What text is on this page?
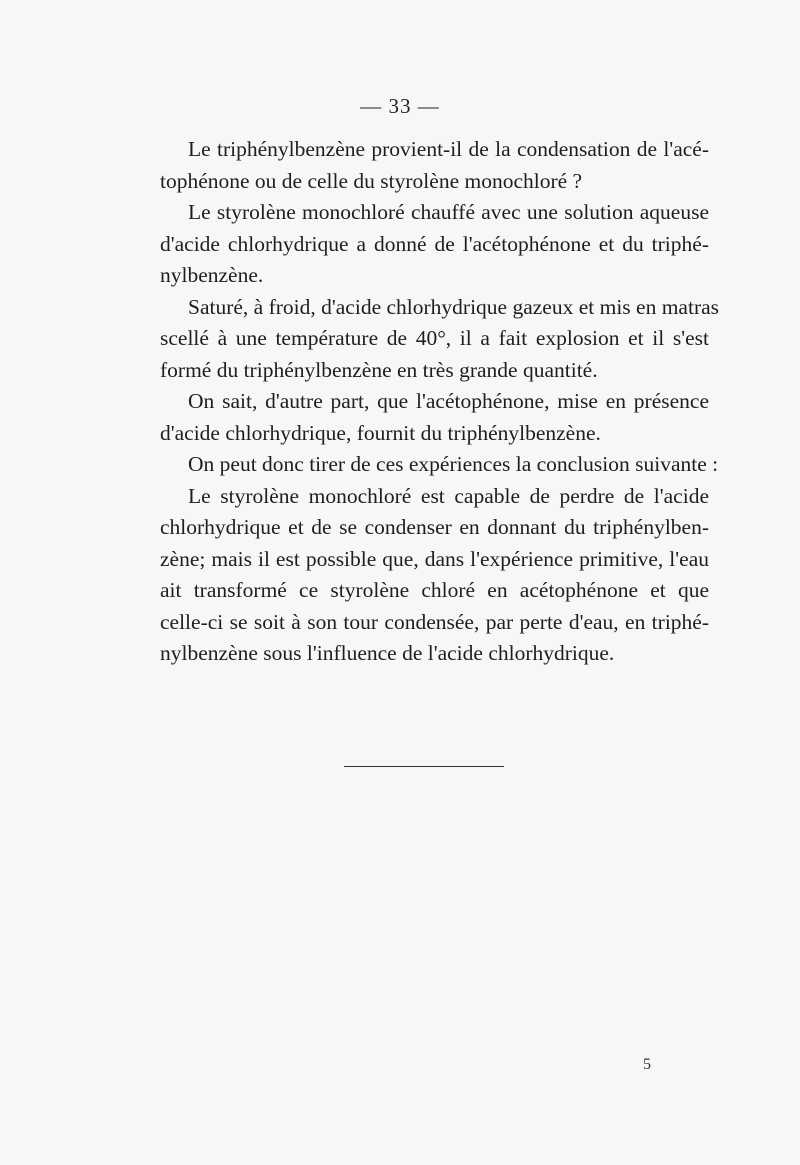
— 33 —

Le triphénylbenzène provient-il de la condensation de l'acé-
tophénone ou de celle du styrolène monochloré ?

Le styrolène monochloré chauffé avec une solution aqueuse
d'acide chlorhydrique a donné de l'acétophénone et du triphé-
nylbenzène.

Saturé, à froid, d'acide chlorhydrique gazeux et mis en matras
scellé à une température de 40°, il a fait explosion et il s'est
formé du triphénylbenzène en très grande quantité.

On sait, d'autre part, que l'acétophénone, mise en présence
d'acide chlorhydrique, fournit du triphénylbenzène.

On peut donc tirer de ces expériences la conclusion suivante :

Le styrolène monochloré est capable de perdre de l'acide
chlorhydrique et de se condenser en donnant du triphénylben-
zène; mais il est possible que, dans l'expérience primitive, l'eau
ait transformé ce styrolène chloré en acétophénone et que
celle-ci se soit à son tour condensée, par perte d'eau, en triphé-
nylbenzène sous l'influence de l'acide chlorhydrique.

5
